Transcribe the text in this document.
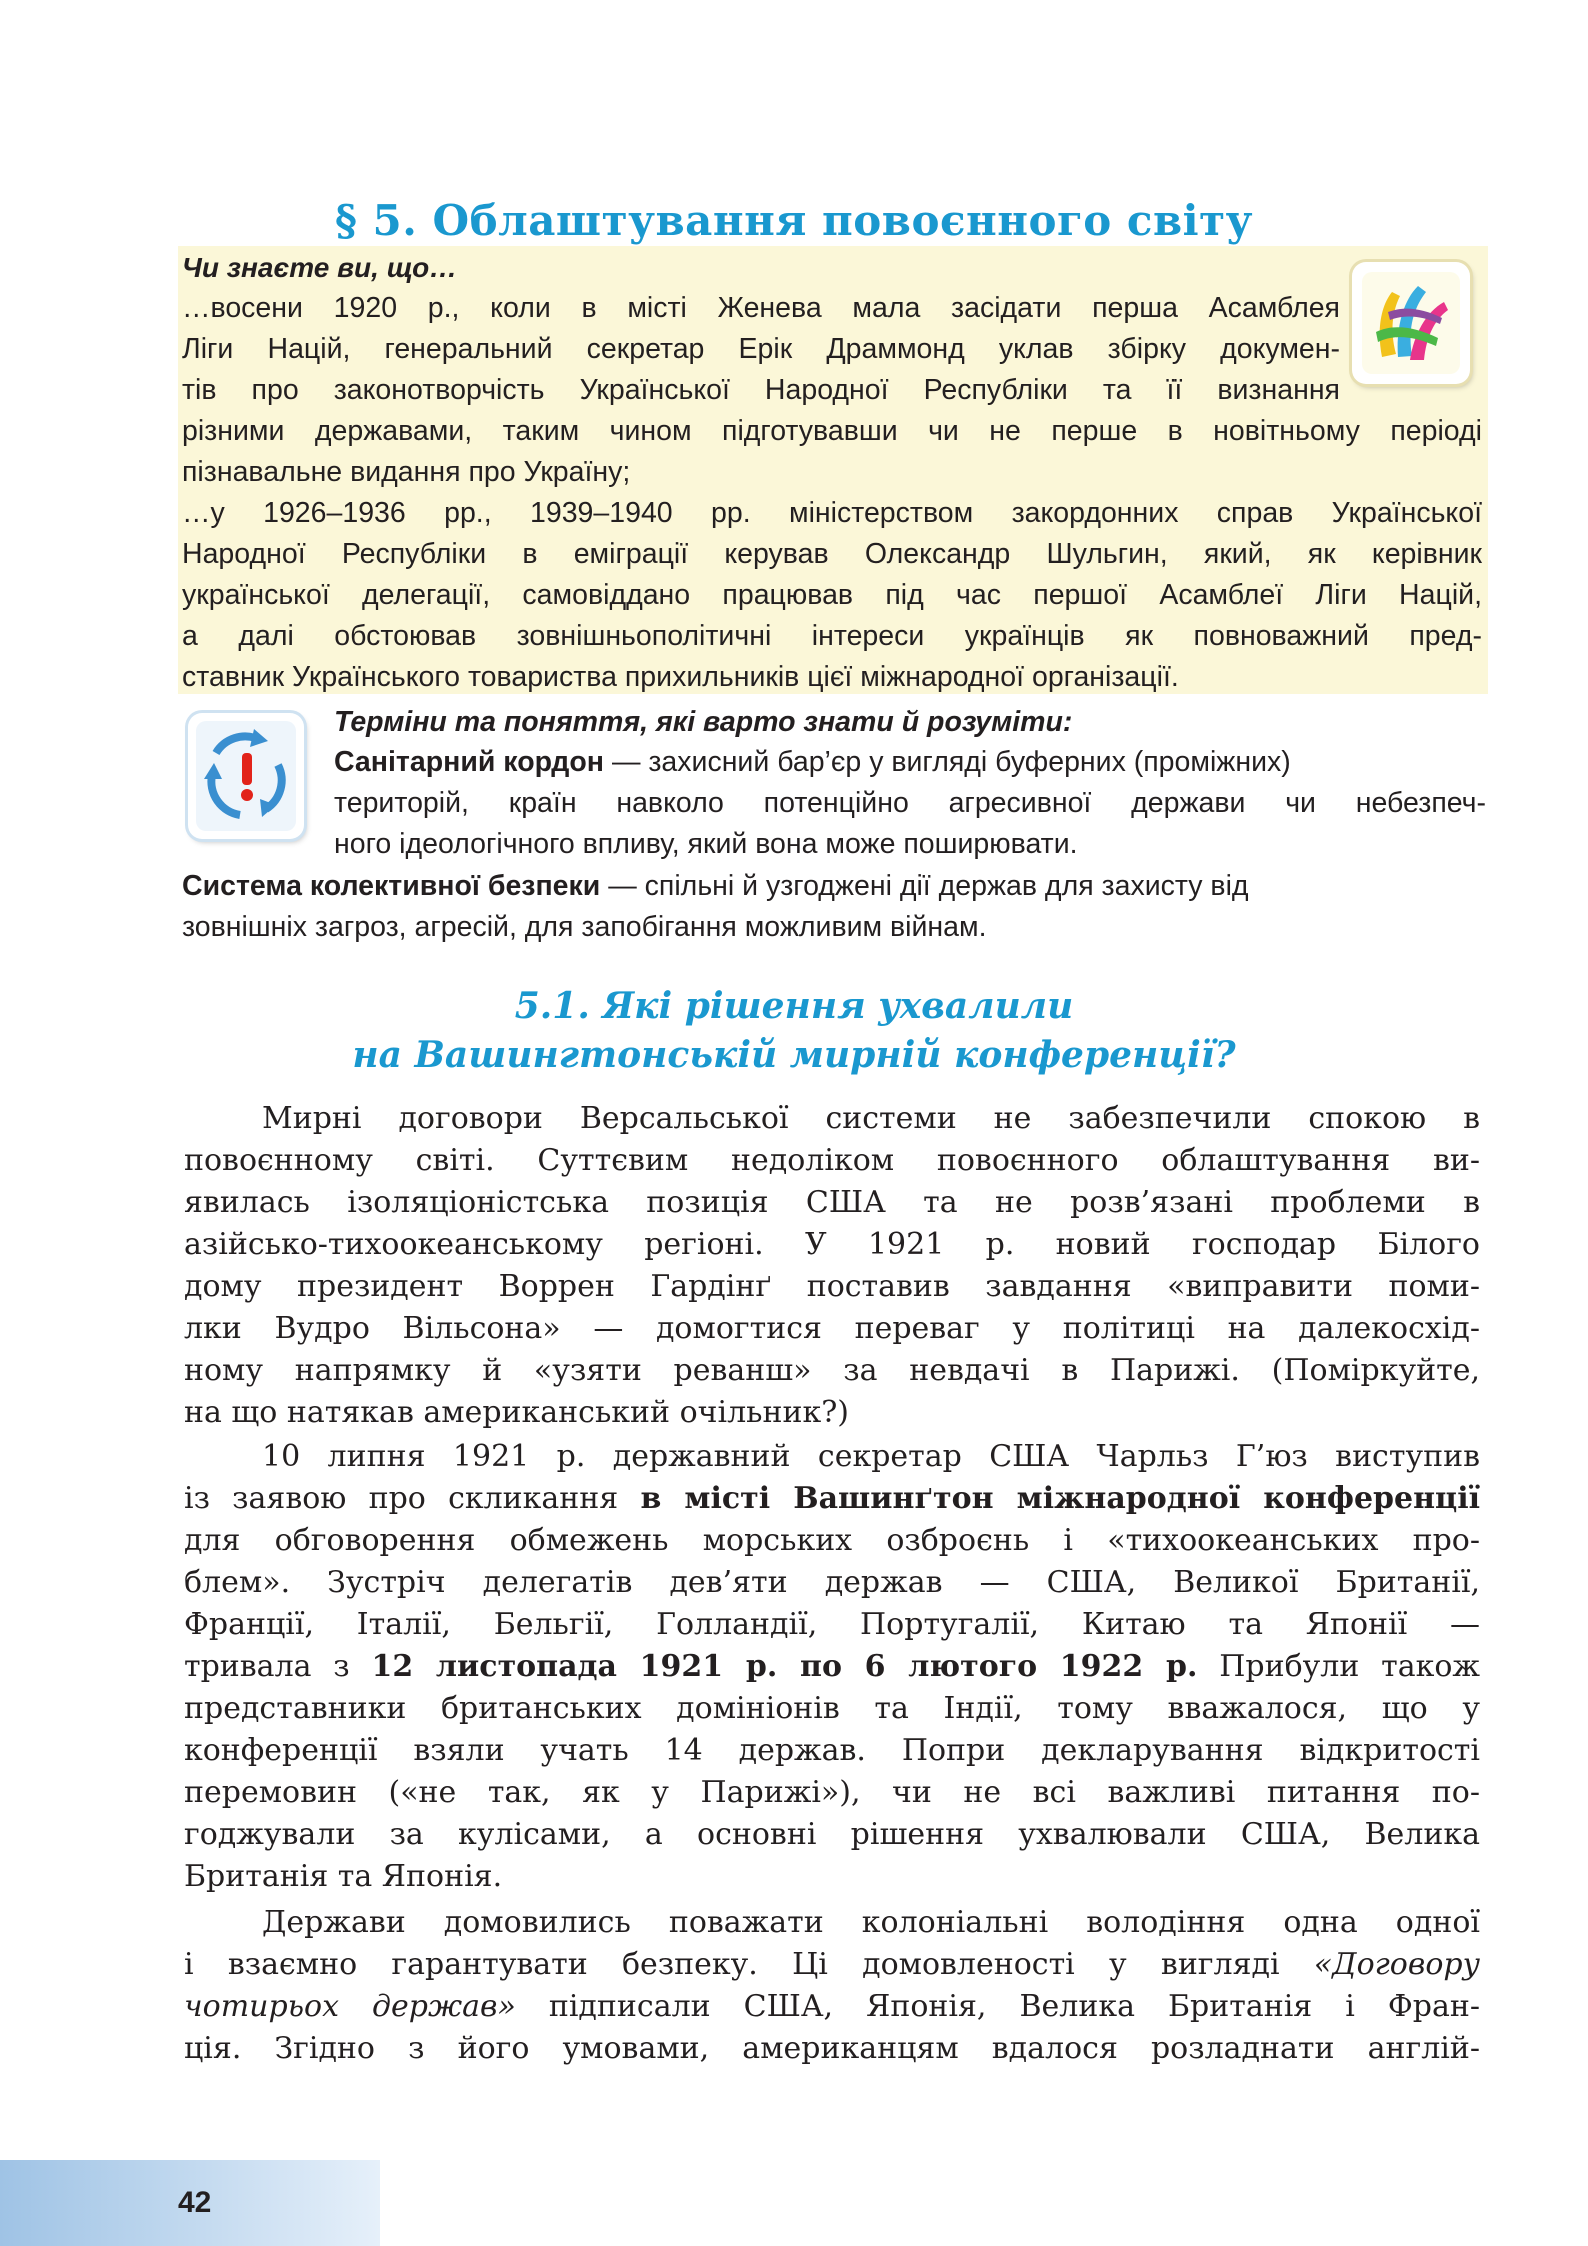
§ 5. Облаштування повоєнного світу
Чи знаєте ви, що…
…восени 1920 р., коли в місті Женева мала засідати перша Асамблея
Ліги Націй, генеральний секретар Ерік Драммонд уклав збірку докумен-
тів про законотворчість Української Народної Республіки та її визнання
різними державами, таким чином підготувавши чи не перше в новітньому періоді
пізнавальне видання про Україну;
…у 1926–1936 рр., 1939–1940 рр. міністерством закордонних справ Української
Народної Республіки в еміграції керував Олександр Шульгин, який, як керівник
української делегації, самовіддано працював під час першої Асамблеї Ліги Націй,
а далі обстоював зовнішньополітичні інтереси українців як повноважний пред-
ставник Українського товариства прихильників цієї міжнародної організації.
Терміни та поняття, які варто знати й розуміти:
Санітарний кордон — захисний бар’єр у вигляді буферних (проміжних)
територій, країн навколо потенційно агресивної держави чи небезпеч-
ного ідеологічного впливу, який вона може поширювати.
Система колективної безпеки — спільні й узгоджені дії держав для захисту від
зовнішніх загроз, агресій, для запобігання можливим війнам.
5.1. Які рішення ухвалили
на Вашингтонській мирній конференції?
Мирні договори Версальської системи не забезпечили спокою в
повоєнному світі. Суттєвим недоліком повоєнного облаштування ви-
явилась ізоляціоністська позиція США та не розв’язані проблеми в
азійсько-тихоокеанському регіоні. У 1921 р. новий господар Білого
дому президент Воррен Гардінґ поставив завдання «виправити поми-
лки Вудро Вільсона» — домогтися переваг у політиці на далекосхід-
ному напрямку й «узяти реванш» за невдачі в Парижі. (Поміркуйте,
на що натякав американський очільник?)
10 липня 1921 р. державний секретар США Чарльз Г’юз виступив
із заявою про скликання в місті Вашинґтон міжнародної конференції
для обговорення обмежень морських озброєнь і «тихоокеанських про-
блем». Зустріч делегатів дев’яти держав — США, Великої Британії,
Франції, Італії, Бельгії, Голландії, Португалії, Китаю та Японії —
тривала з 12 листопада 1921 р. по 6 лютого 1922 р. Прибули також
представники британських домініонів та Індії, тому вважалося, що у
конференції взяли учать 14 держав. Попри декларування відкритості
перемовин («не так, як у Парижі»), чи не всі важливі питання по-
годжували за кулісами, а основні рішення ухвалювали США, Велика
Британія та Японія.
Держави домовились поважати колоніальні володіння одна одної
і взаємно гарантувати безпеку. Ці домовленості у вигляді «Договору
чотирьох держав» підписали США, Японія, Велика Британія і Фран-
ція. Згідно з його умовами, американцям вдалося розладнати англій-
42
